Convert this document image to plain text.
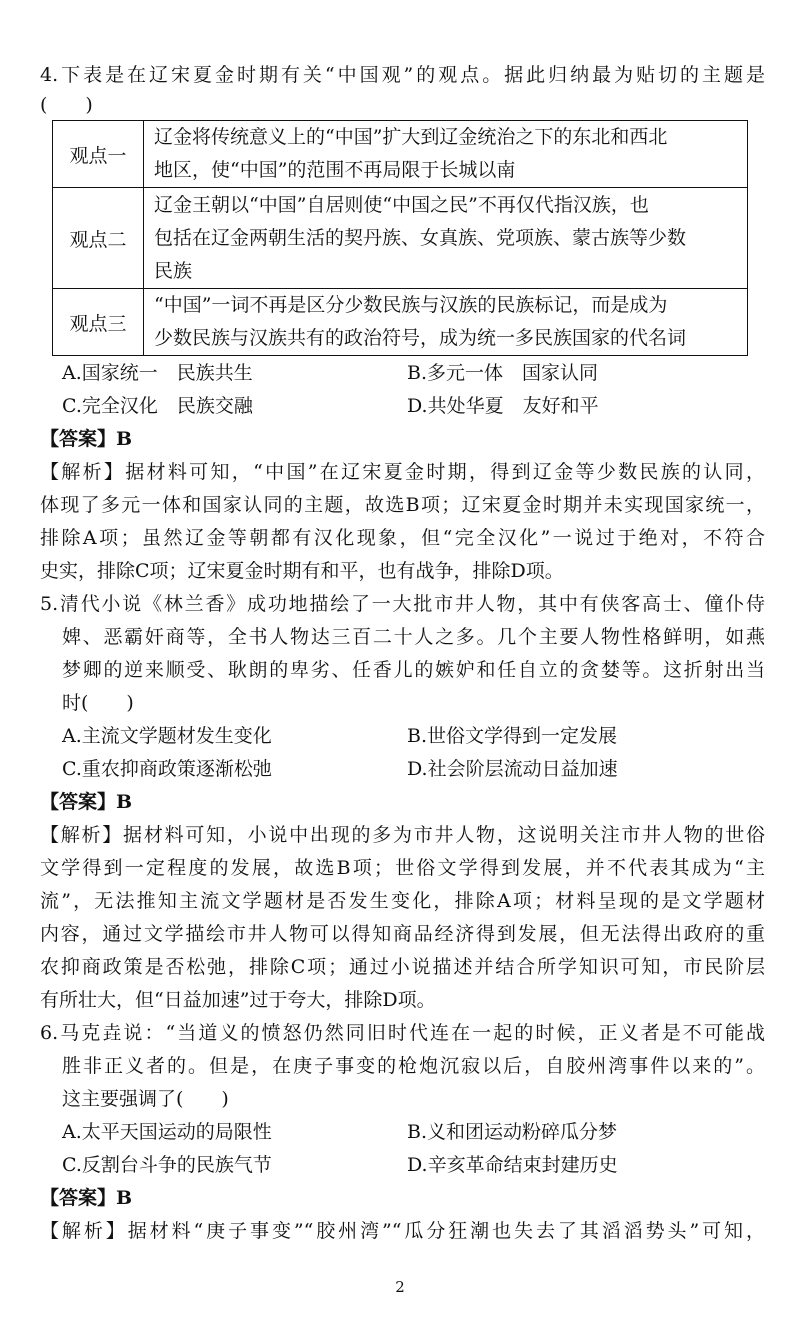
4.下表是在辽宋夏金时期有关“中国观”的观点。据此归纳最为贴切的主题是
(　　)
观点一	辽金将传统意义上的“中国”扩大到辽金统治之下的东北和西北
地区，使“中国”的范围不再局限于长城以南

观点二	辽金王朝以“中国”自居则使“中国之民”不再仅代指汉族，也
包括在辽金两朝生活的契丹族、女真族、党项族、蒙古族等少数
民族

观点三	“中国”一词不再是区分少数民族与汉族的民族标记，而是成为
少数民族与汉族共有的政治符号，成为统一多民族国家的代名词
A.国家统一　民族共生	B.多元一体　国家认同
C.完全汉化　民族交融	D.共处华夏　友好和平
【答案】B
【解析】据材料可知，“中国”在辽宋夏金时期，得到辽金等少数民族的认同，
体现了多元一体和国家认同的主题，故选B项；辽宋夏金时期并未实现国家统一，
排除A项；虽然辽金等朝都有汉化现象，但“完全汉化”一说过于绝对，不符合
史实，排除C项；辽宋夏金时期有和平，也有战争，排除D项。
5.清代小说《林兰香》成功地描绘了一大批市井人物，其中有侠客高士、僮仆侍
婢、恶霸奸商等，全书人物达三百二十人之多。几个主要人物性格鲜明，如燕
梦卿的逆来顺受、耿朗的卑劣、任香儿的嫉妒和任自立的贪婪等。这折射出当
时(　　)
A.主流文学题材发生变化	B.世俗文学得到一定发展
C.重农抑商政策逐渐松弛	D.社会阶层流动日益加速
【答案】B
【解析】据材料可知，小说中出现的多为市井人物，这说明关注市井人物的世俗
文学得到一定程度的发展，故选B项；世俗文学得到发展，并不代表其成为“主
流”，无法推知主流文学题材是否发生变化，排除A项；材料呈现的是文学题材
内容，通过文学描绘市井人物可以得知商品经济得到发展，但无法得出政府的重
农抑商政策是否松弛，排除C项；通过小说描述并结合所学知识可知，市民阶层
有所壮大，但“日益加速”过于夸大，排除D项。
6.马克垚说：“当道义的愤怒仍然同旧时代连在一起的时候，正义者是不可能战
胜非正义者的。但是，在庚子事变的枪炮沉寂以后，自胶州湾事件以来的”。
这主要强调了(　　)
A.太平天国运动的局限性	B.义和团运动粉碎瓜分梦
C.反割台斗争的民族气节	D.辛亥革命结束封建历史
【答案】B
【解析】据材料“庚子事变”“胶州湾”“瓜分狂潮也失去了其滔滔势头”可知，
2
